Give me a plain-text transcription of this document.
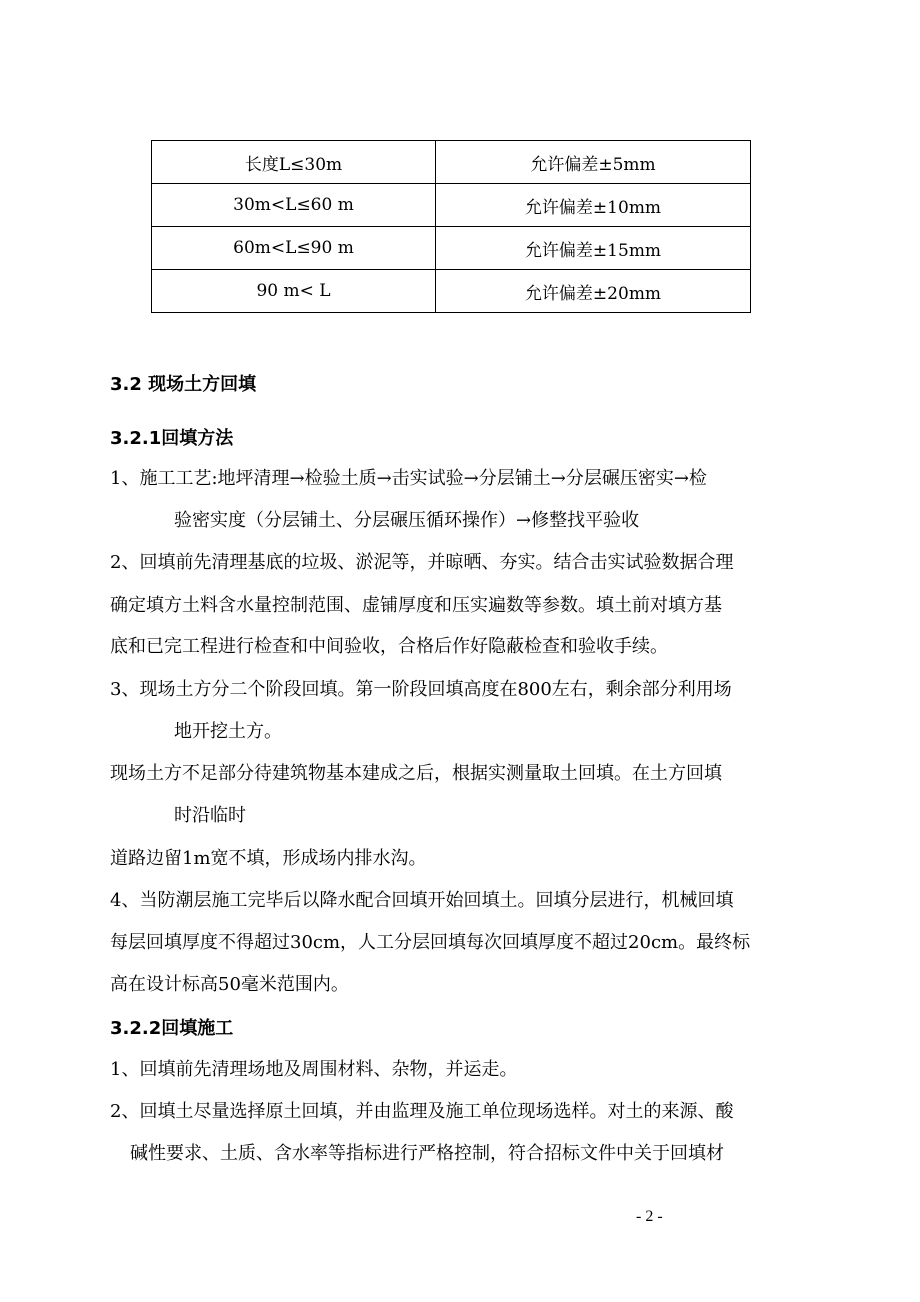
长度L≤30m	允许偏差±5mm
30m<L≤60 m	允许偏差±10mm
60m<L≤90 m	允许偏差±15mm
90 m< L	允许偏差±20mm
3.2 现场土方回填
3.2.1回填方法
1、施工工艺:地坪清理→检验土质→击实试验→分层铺土→分层碾压密实→检
验密实度（分层铺土、分层碾压循环操作）→修整找平验收
2、回填前先清理基底的垃圾、淤泥等，并晾晒、夯实。结合击实试验数据合理
确定填方土料含水量控制范围、虚铺厚度和压实遍数等参数。填土前对填方基
底和已完工程进行检查和中间验收，合格后作好隐蔽检查和验收手续。
3、现场土方分二个阶段回填。第一阶段回填高度在800左右，剩余部分利用场
地开挖土方。
现场土方不足部分待建筑物基本建成之后，根据实测量取土回填。在土方回填
时沿临时
道路边留1m宽不填，形成场内排水沟。
4、当防潮层施工完毕后以降水配合回填开始回填土。回填分层进行，机械回填
每层回填厚度不得超过30cm，人工分层回填每次回填厚度不超过20cm。最终标
高在设计标高50毫米范围内。
3.2.2回填施工
1、回填前先清理场地及周围材料、杂物，并运走。
2、回填土尽量选择原土回填，并由监理及施工单位现场选样。对土的来源、酸
碱性要求、土质、含水率等指标进行严格控制，符合招标文件中关于回填材
- 2 -
